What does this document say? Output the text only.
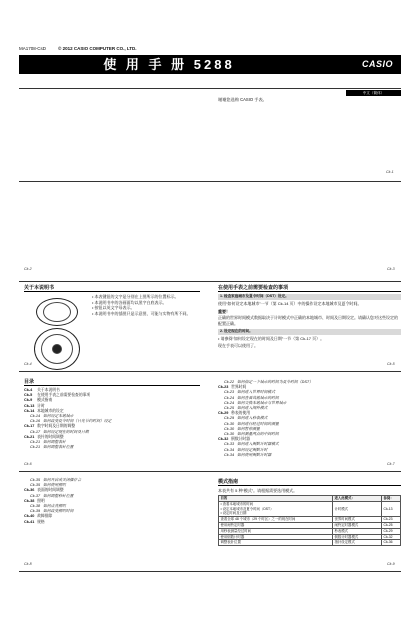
MA1708-CsD	© 2012 CASIO COMPUTER CO., LTD.
使 用 手 册 5288	CASIO
中文（简体）
谢谢您选购 CASIO 手表。
Ck-1
Ck-2	Ck-3
关于本说明书
• 本表键钮的文字是分别在上图所示的位置标示。
• 本说明书中的各画面均以黑字白底表示。
• 按钮以英文字母表示。
• 本说明书中的插图只是示意图，可能与实物有所不同。
Ck-4
在使用手表之前需要检查的事项
1. 检查家庭城市及夏令时间（DST）设定。
使用“如何设定本地城市”一节（第 Ck-14 页）中的操作设定本地城市及夏令时间。
重要！
正确的世界时间模式数据取决于计时模式中正确的本地城市、时间及日期设定。请确认您对这些设定的配置正确。
2. 设定现在的时间。
• 请参阅“如何设定现在的时间及日期”一节（第 Ck-17 页）。
现在手表可以使用了。
Ck-5
目录
Ck-4 关于本说明书
Ck-5 在使用手表之前需要检查的事项
Ck-9 模式指南
Ck-13 计时
Ck-14 本地城市的设定
Ck-14 如何设定本地城市
Ck-16 如何改变夏令时间（日光节约时间）设定
Ck-17 数字时间及日期的调整
Ck-17 如何设定现在的时间及日期
Ck-21 表针的时间调整
Ck-21 如何调整表针
Ck-21 如何调整表针位置
Ck-22 如何指定一个城市的时间为夏令时间（DST）
Ck-23 世界时间
Ck-23 如何进入世界时间模式
Ck-24 如何查看其他城市的时间
Ck-24 如何交换本地城市与世界城市
Ck-25 如何进入闹铃模式
Ck-29 秒表的使用
Ck-29 如何进入秒表模式
Ck-30 如何进行经过时间的测量
Ck-30 如何暂停测量
Ck-30 如何测量两点的中间时间
Ck-32 倒数计时器
Ck-33 如何进入倒数计时器模式
Ck-34 如何设定倒数计时
Ck-34 如何使用倒数计时器
Ck-6	Ck-7
Ck-35 如何开启或关闭操作音
Ck-35 如何使用照明
Ck-36 表面的时间调整
Ck-37 如何调整秒针位置
Ck-38 照明
Ck-38 如何点亮照明
Ck-39 如何改变照明时间
Ck-40 故障排除
Ck-41 规格
Ck-8
模式指南
本表共有 5 种“模式”。请根据需要选用模式。
目的	进入此模式：	参阅：
• 查看本地城市的时间
• 设定本地城市及夏令时间（DST）
• 设定时间及日期	计时模式	Ck-13
查看全球 48 个城市（29 个时区）之一的现在时间	世界时间模式	Ck-23
使用闹铃定时器	闹铃定时器模式	Ck-25
用秒表测量经过时间	秒表模式	Ck-29
使用倒数计时器	倒数计时器模式	Ck-32
调整表针位置	指针设定模式	Ck-36
Ck-9
